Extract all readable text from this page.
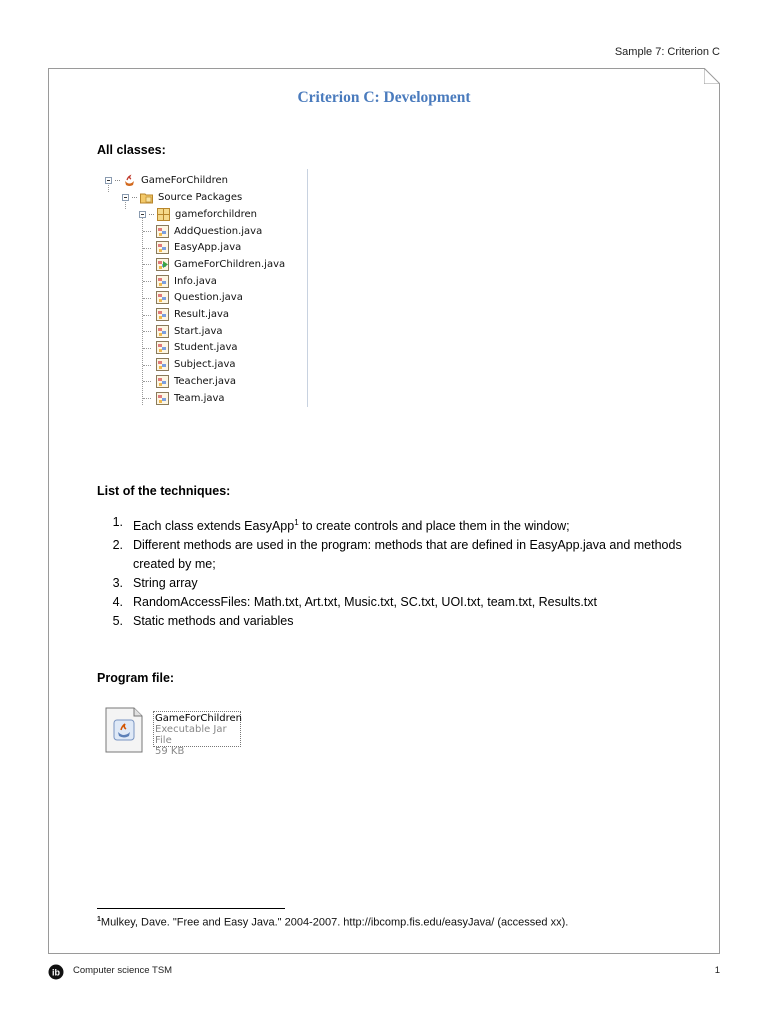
Sample 7: Criterion C
Criterion C: Development
All classes:
GameForChildren
Source Packages
gameforchildren
AddQuestion.java
EasyApp.java
GameForChildren.java
Info.java
Question.java
Result.java
Start.java
Student.java
Subject.java
Teacher.java
Team.java
List of the techniques:
1. Each class extends EasyApp$^1$ to create controls and place them in the window;
2. Different methods are used in the program: methods that are defined in EasyApp.java and methods created by me;
3. String array
4. RandomAccessFiles: Math.txt, Art.txt, Music.txt, SC.txt, UOI.txt, team.txt, Results.txt
5. Static methods and variables
Program file:
GameForChildren
Executable Jar File
59 KB
$^1$Mulkey, Dave. "Free and Easy Java." 2004-2007. http://ibcomp.fis.edu/easyJava/ (accessed xx).
ib Computer science TSM	1
